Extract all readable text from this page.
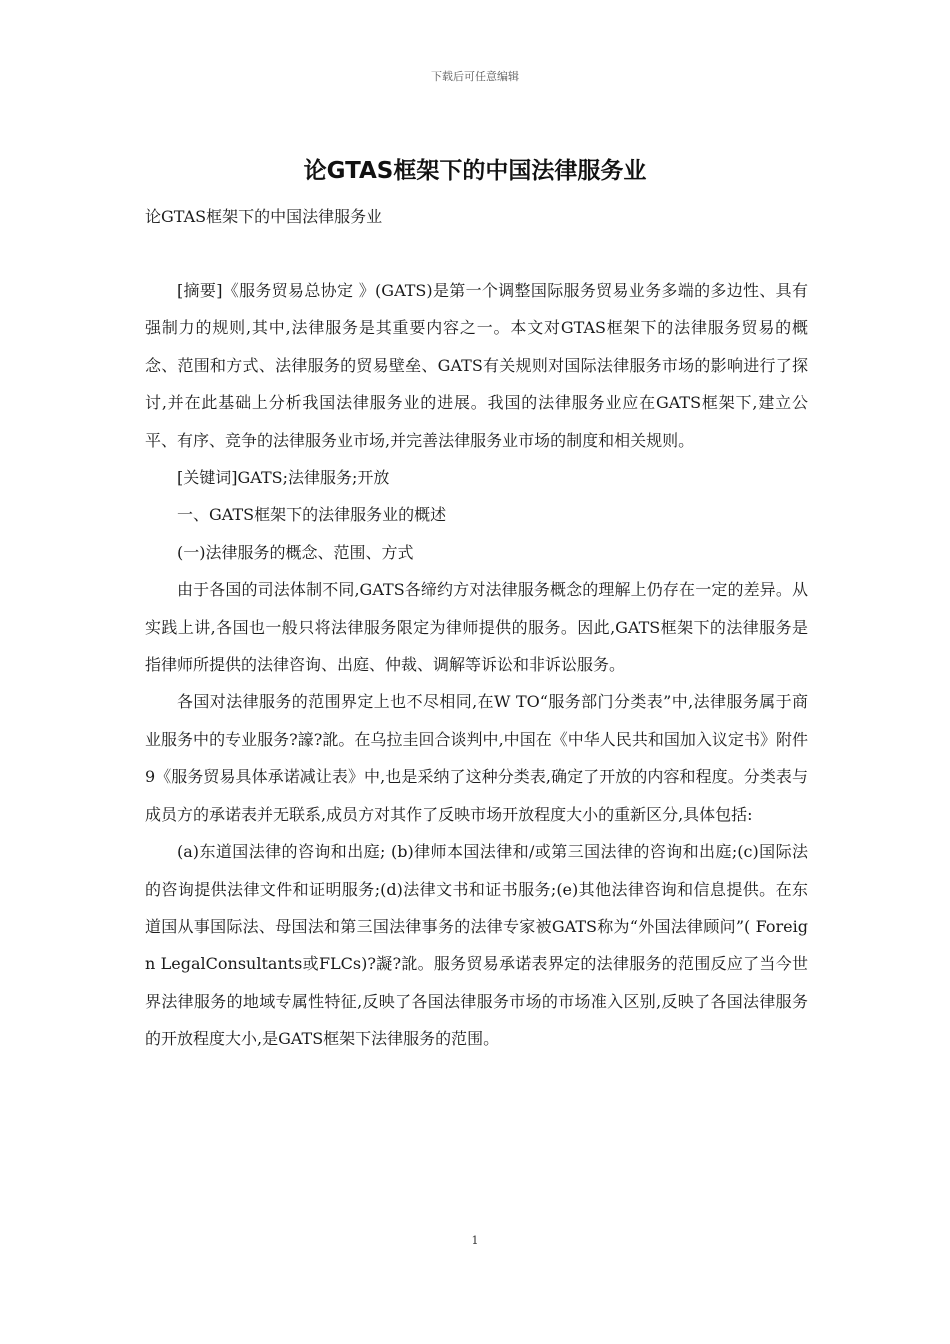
下载后可任意编辑
论GTAS框架下的中国法律服务业
论GTAS框架下的中国法律服务业

[摘要]《服务贸易总协定 》(GATS)是第一个调整国际服务贸易业务多端的多边性、具有强制力的规则,其中,法律服务是其重要内容之一。本文对GTAS框架下的法律服务贸易的概念、范围和方式、法律服务的贸易壁垒、GATS有关规则对国际法律服务市场的影响进行了探讨,并在此基础上分析我国法律服务业的进展。我国的法律服务业应在GATS框架下,建立公平、有序、竞争的法律服务业市场,并完善法律服务业市场的制度和相关规则。

[关键词]GATS;法律服务;开放

一、GATS框架下的法律服务业的概述

(一)法律服务的概念、范围、方式

由于各国的司法体制不同,GATS各缔约方对法律服务概念的理解上仍存在一定的差异。从实践上讲,各国也一般只将法律服务限定为律师提供的服务。因此,GATS框架下的法律服务是指律师所提供的法律咨询、出庭、仲裁、调解等诉讼和非诉讼服务。

各国对法律服务的范围界定上也不尽相同,在W TO“服务部门分类表”中,法律服务属于商业服务中的专业服务?譹?訛。在乌拉圭回合谈判中,中国在《中华人民共和国加入议定书》附件9《服务贸易具体承诺减让表》中,也是采纳了这种分类表,确定了开放的内容和程度。分类表与成员方的承诺表并无联系,成员方对其作了反映市场开放程度大小的重新区分,具体包括:

(a)东道国法律的咨询和出庭; (b)律师本国法律和/或第三国法律的咨询和出庭;(c)国际法的咨询提供法律文件和证明服务;(d)法律文书和证书服务;(e)其他法律咨询和信息提供。在东道国从事国际法、母国法和第三国法律事务的法律专家被GATS称为“外国法律顾问”( Foreign LegalConsultants或FLCs)?譺?訛。服务贸易承诺表界定的法律服务的范围反应了当今世界法律服务的地域专属性特征,反映了各国法律服务市场的市场准入区别,反映了各国法律服务的开放程度大小,是GATS框架下法律服务的范围。

1
